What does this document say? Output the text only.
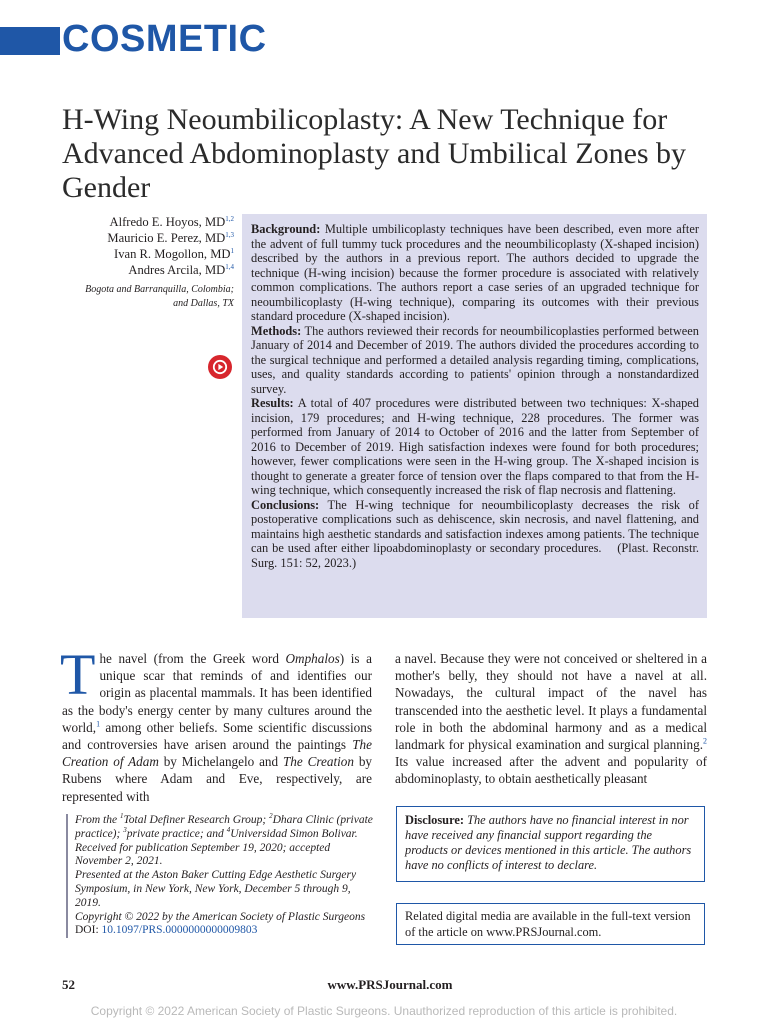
COSMETIC
H-Wing Neoumbilicoplasty: A New Technique for Advanced Abdominoplasty and Umbilical Zones by Gender
Alfredo E. Hoyos, MD$^{1,2}$
Mauricio E. Perez, MD$^{1,3}$
Ivan R. Mogollon, $MD^1$
Andres Arcila, MD$^{1,4}$
Bogota and Barranquilla, Colombia;
and Dallas, TX

Background: Multiple umbilicoplasty techniques have been described, even more after the advent of full tummy tuck procedures and the neoumbilicoplasty (X-shaped incision) described by the authors in a previous report. The authors decided to upgrade the technique (H-wing incision) because the former procedure is associated with relatively common complications. The authors report a case series of an upgraded technique for neoumbilicoplasty (H-wing technique), comparing its outcomes with their previous standard procedure (X-shaped incision).

Methods: The authors reviewed their records for neoumbilicoplasties performed between January of 2014 and December of 2019. The authors divided the procedures according to the surgical technique and performed a detailed analysis regarding timing, complications, uses, and quality standards according to patients' opinion through a nonstandardized survey.

Results: A total of 407 procedures were distributed between two techniques: X-shaped incision, 179 procedures; and H-wing technique, 228 procedures. The former was performed from January of 2014 to October of 2016 and the latter from September of 2016 to December of 2019. High satisfaction indexes were found for both procedures; however, fewer complications were seen in the H-wing group. The X-shaped incision is thought to generate a greater force of tension over the flaps compared to that from the H-wing technique, which consequently increased the risk of flap necrosis and flattening.

Conclusions: The H-wing technique for neoumbilicoplasty decreases the risk of postoperative complications such as dehiscence, skin necrosis, and navel flattening, and maintains high aesthetic standards and satisfaction indexes among patients. The technique can be used after either lipoabdominoplasty or secondary procedures. (Plast. Reconstr. Surg. 151: 52, 2023.)

The navel (from the Greek word Omphalos) is a unique scar that reminds of and identifies our origin as placental mammals. It has been identified as the body's energy center by many cultures around the world,$^1$ among other beliefs. Some scientific discussions and controversies have arisen around the paintings The Creation of Adam by Michelangelo and The Creation by Rubens where Adam and Eve, respectively, are represented with

a navel. Because they were not conceived or sheltered in a mother's belly, they should not have a navel at all. Nowadays, the cultural impact of the navel has transcended into the aesthetic level. It plays a fundamental role in both the abdominal harmony and as a medical landmark for physical examination and surgical planning.$^2$ Its value increased after the advent and popularity of abdominoplasty, to obtain aesthetically pleasant

From the $^1$Total Definer Research Group; $^2$Dhara Clinic (private practice); $^3$private practice; and $^4$Universidad Simon Bolivar.

Received for publication September 19, 2020; accepted November 2, 2021.

Presented at the Aston Baker Cutting Edge Aesthetic Surgery Symposium, in New York, New York, December 5 through 9, 2019.

Copyright © 2022 by the American Society of Plastic Surgeons

DOI: 10.1097/PRS.0000000000009803

Disclosure: The authors have no financial interest in nor have received any financial support regarding the products or devices mentioned in this article. The authors have no conflicts of interest to declare.
Related digital media are available in the full-text version of the article on www.PRSJournal.com.
52	www.PRSJournal.com
Copyright © 2022 American Society of Plastic Surgeons. Unauthorized reproduction of this article is prohibited.
